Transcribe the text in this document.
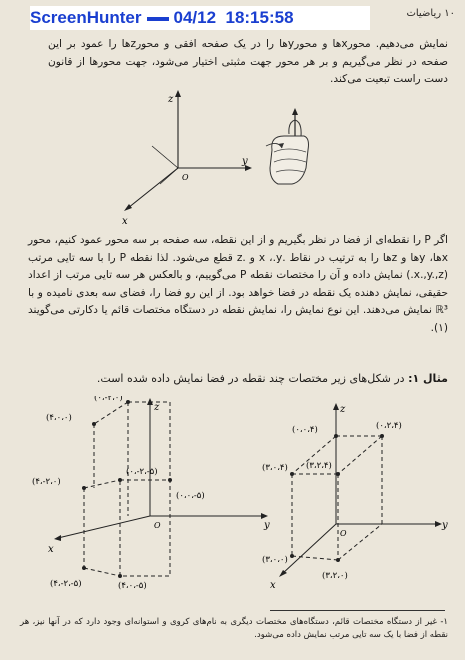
ScreenHunter 04/12 18:15:58	۱۰ ریاضیات
نمایش می‌دهیم. محورxها و محورyها را در یک صفحه افقی و محورzها را عمود بر این صفحه در نظر می‌گیریم و بر هر محور جهت مثبتی اختیار می‌شود، جهت محورها از قانون دست راست تبعیت می‌کند.
z
y
x
O
اگر P را نقطه‌ای از فضا در نظر بگیریم و از این نقطه، سه صفحه بر سه محور عمود کنیم، محور xها، yها و zها را به ترتیب در نقاط .x ،.y و .z قطع می‌شود. لذا نقطه P را با سه تایی مرتب (x.,y.,z.) نمایش داده و آن را مختصات نقطه P می‌گوییم، و بالعکس هر سه تایی مرتب از اعداد حقیقی، نمایش دهنده یک نقطه در فضا خواهد بود. از این رو فضا را، فضای سه بعدی نامیده و با ℝ³ نمایش می‌دهند. این نوع نمایش را، نمایش نقطه در دستگاه مختصات قائم یا دکارتی می‌گویند (۱).
مثال ۱: در شکل‌های زیر مختصات چند نقطه در فضا نمایش داده شده است.
(۰،-۲،۰)
(۴،۰،۰)
(۴،-۲،۰)
(۰،-۲،-۵)
(۰،۰،-۵)
(۴،-۲،-۵)	(۴،۰،-۵)
z
y
x
O
(۰،۲،۴)
(۰،۰،۴)
(۳،۰،۴) (۳،۲،۴)
(۳،۰،۰)
(۳،۲،۰)
z
y
x
O
۱- غیر از دستگاه مختصات قائم، دستگاه‌های مختصات دیگری به نام‌های کروی و استوانه‌ای وجود دارد که در آنها نیز، هر نقطه از فضا با یک سه تایی مرتب نمایش داده می‌شود.
